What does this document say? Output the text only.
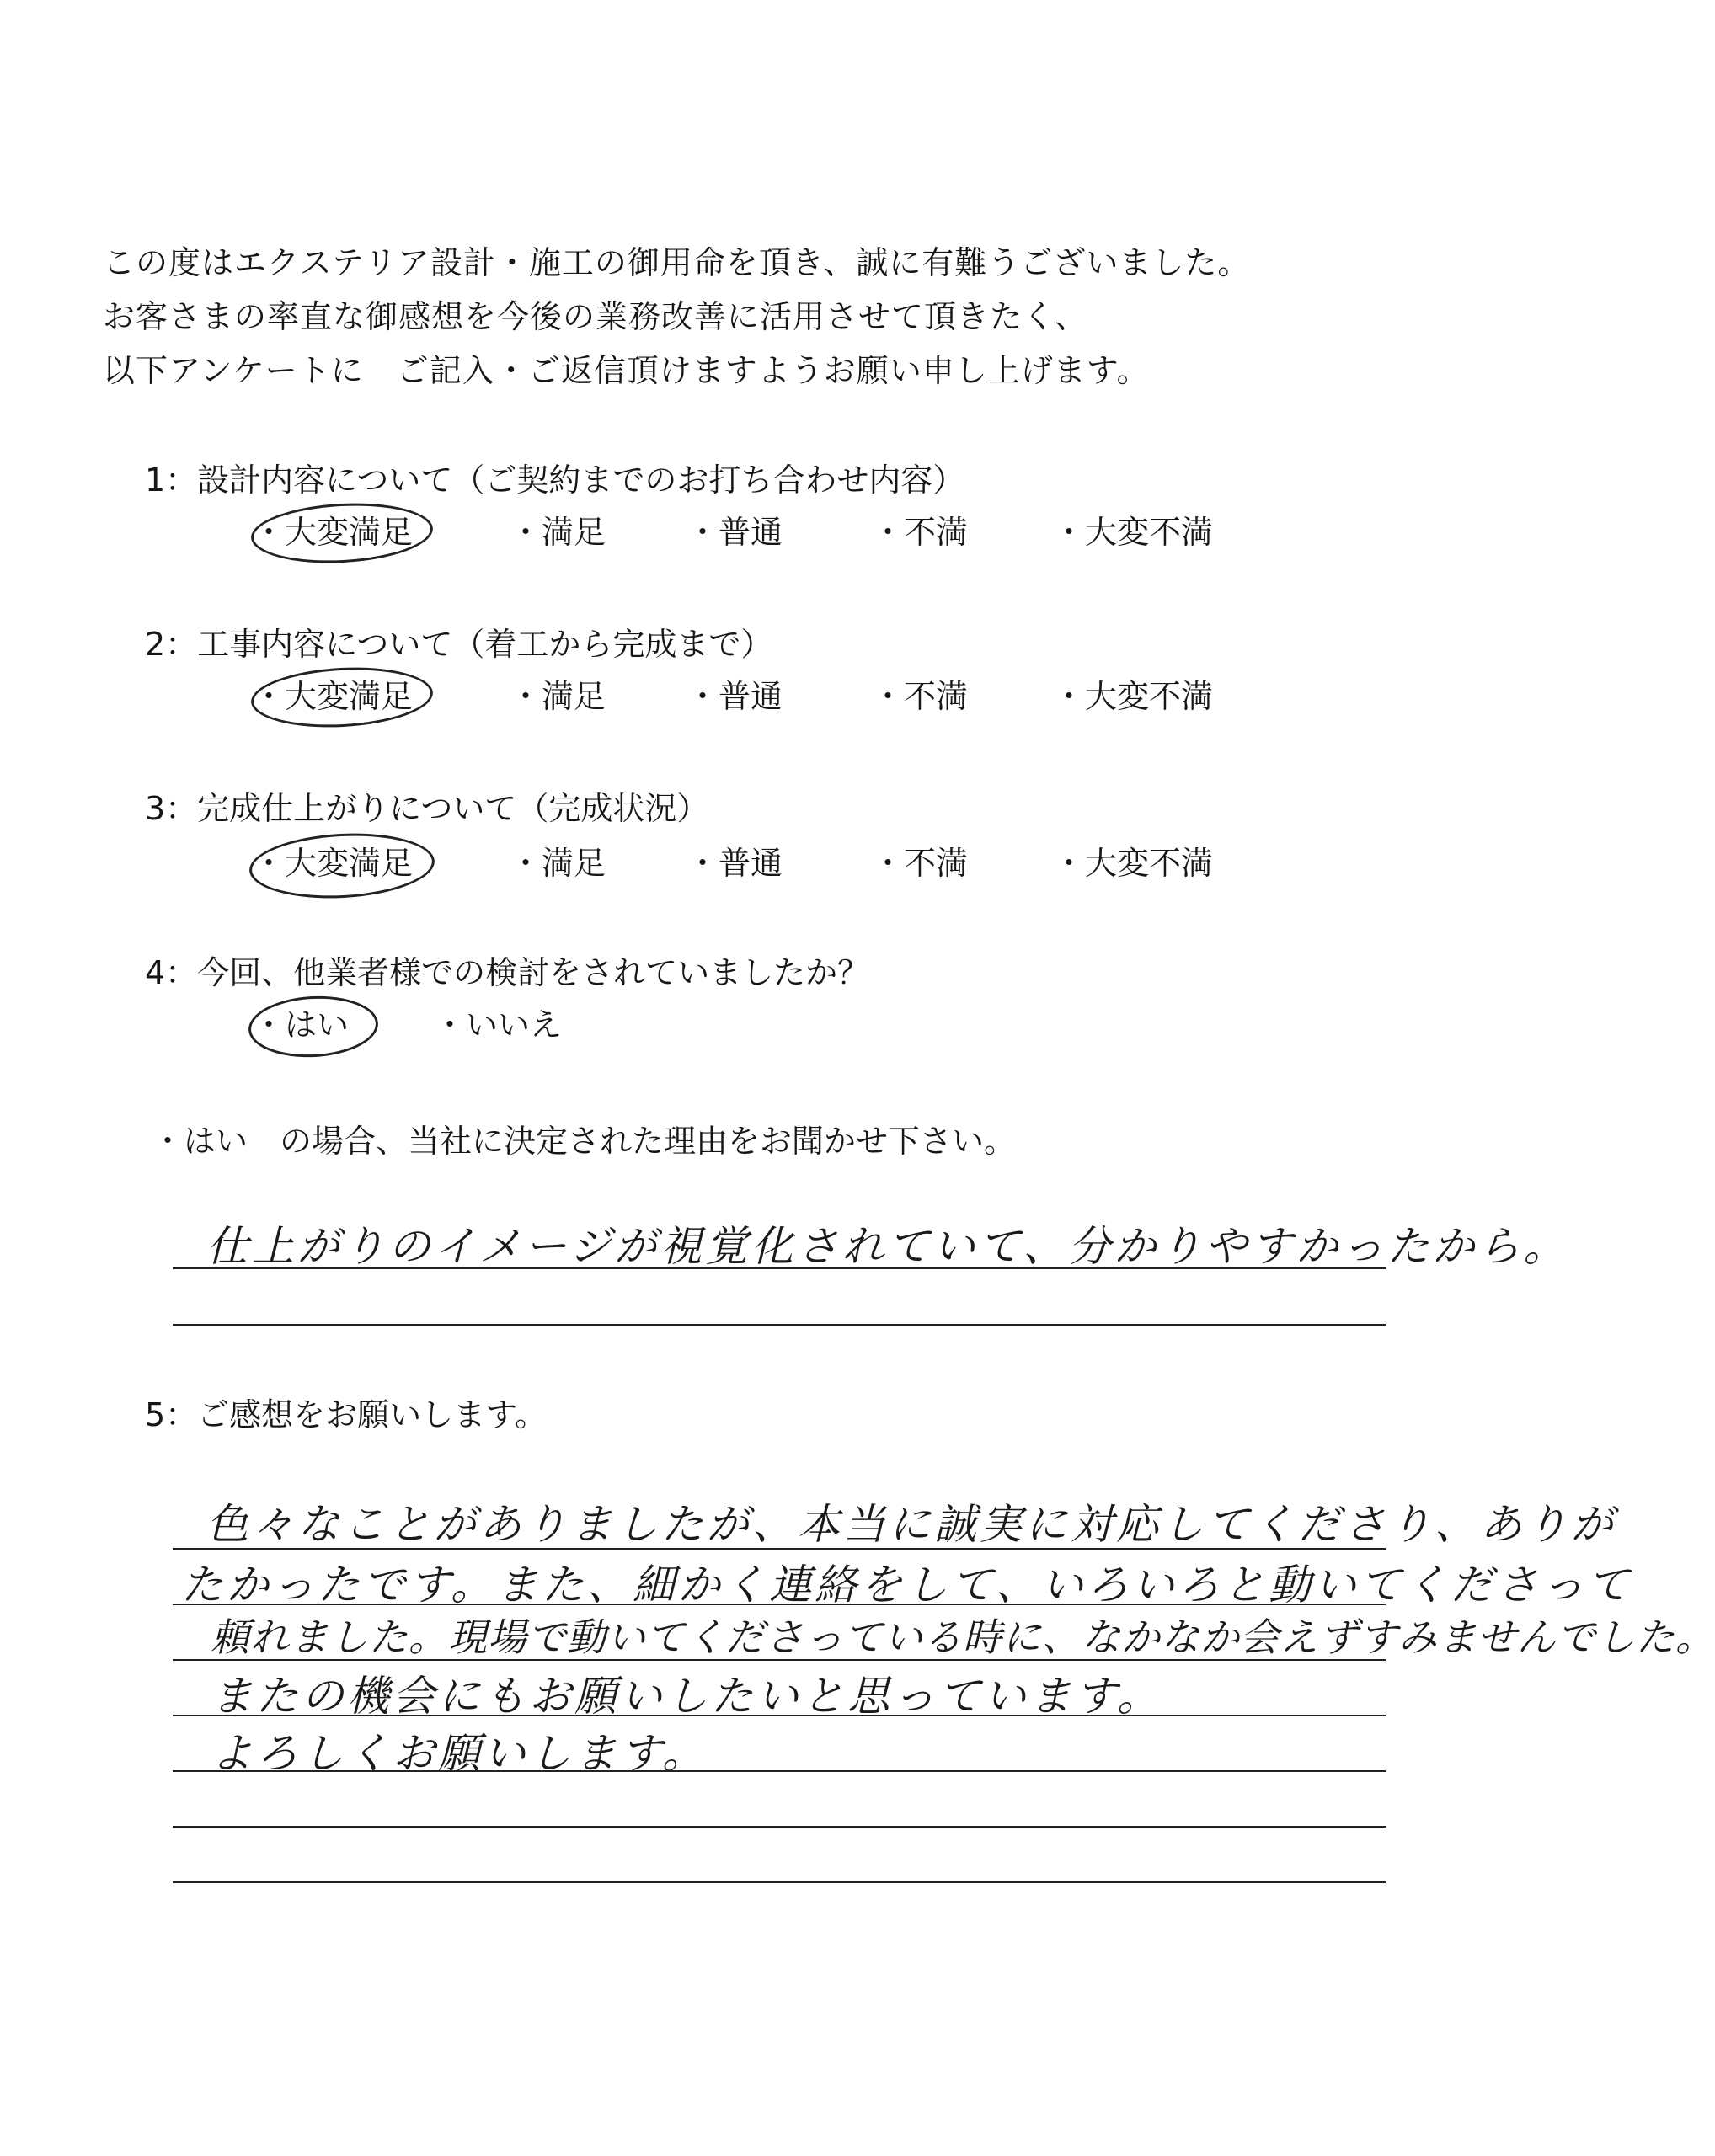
この度はエクステリア設計・施工の御用命を頂き、誠に有難うございました。
お客さまの率直な御感想を今後の業務改善に活用させて頂きたく、
以下アンケートに　ご記入・ご返信頂けますようお願い申し上げます。
1：設計内容について（ご契約までのお打ち合わせ内容）
・大変満足	・満足	・普通	・不満	・大変不満
2：工事内容について（着工から完成まで）
・大変満足	・満足	・普通	・不満	・大変不満
3：完成仕上がりについて（完成状況）
・大変満足	・満足	・普通	・不満	・大変不満
4：今回、他業者様での検討をされていましたか？
・はい	・いいえ
・はい　の場合、当社に決定された理由をお聞かせ下さい。
仕上がりのイメージが視覚化されていて、分かりやすかったから。
5：ご感想をお願いします。
色々なことがありましたが、本当に誠実に対応してくださり、ありが
たかったです。また、細かく連絡をして、いろいろと動いてくださって
頼れました。現場で動いてくださっている時に、なかなか会えずすみませんでした。
またの機会にもお願いしたいと思っています。
よろしくお願いします。
